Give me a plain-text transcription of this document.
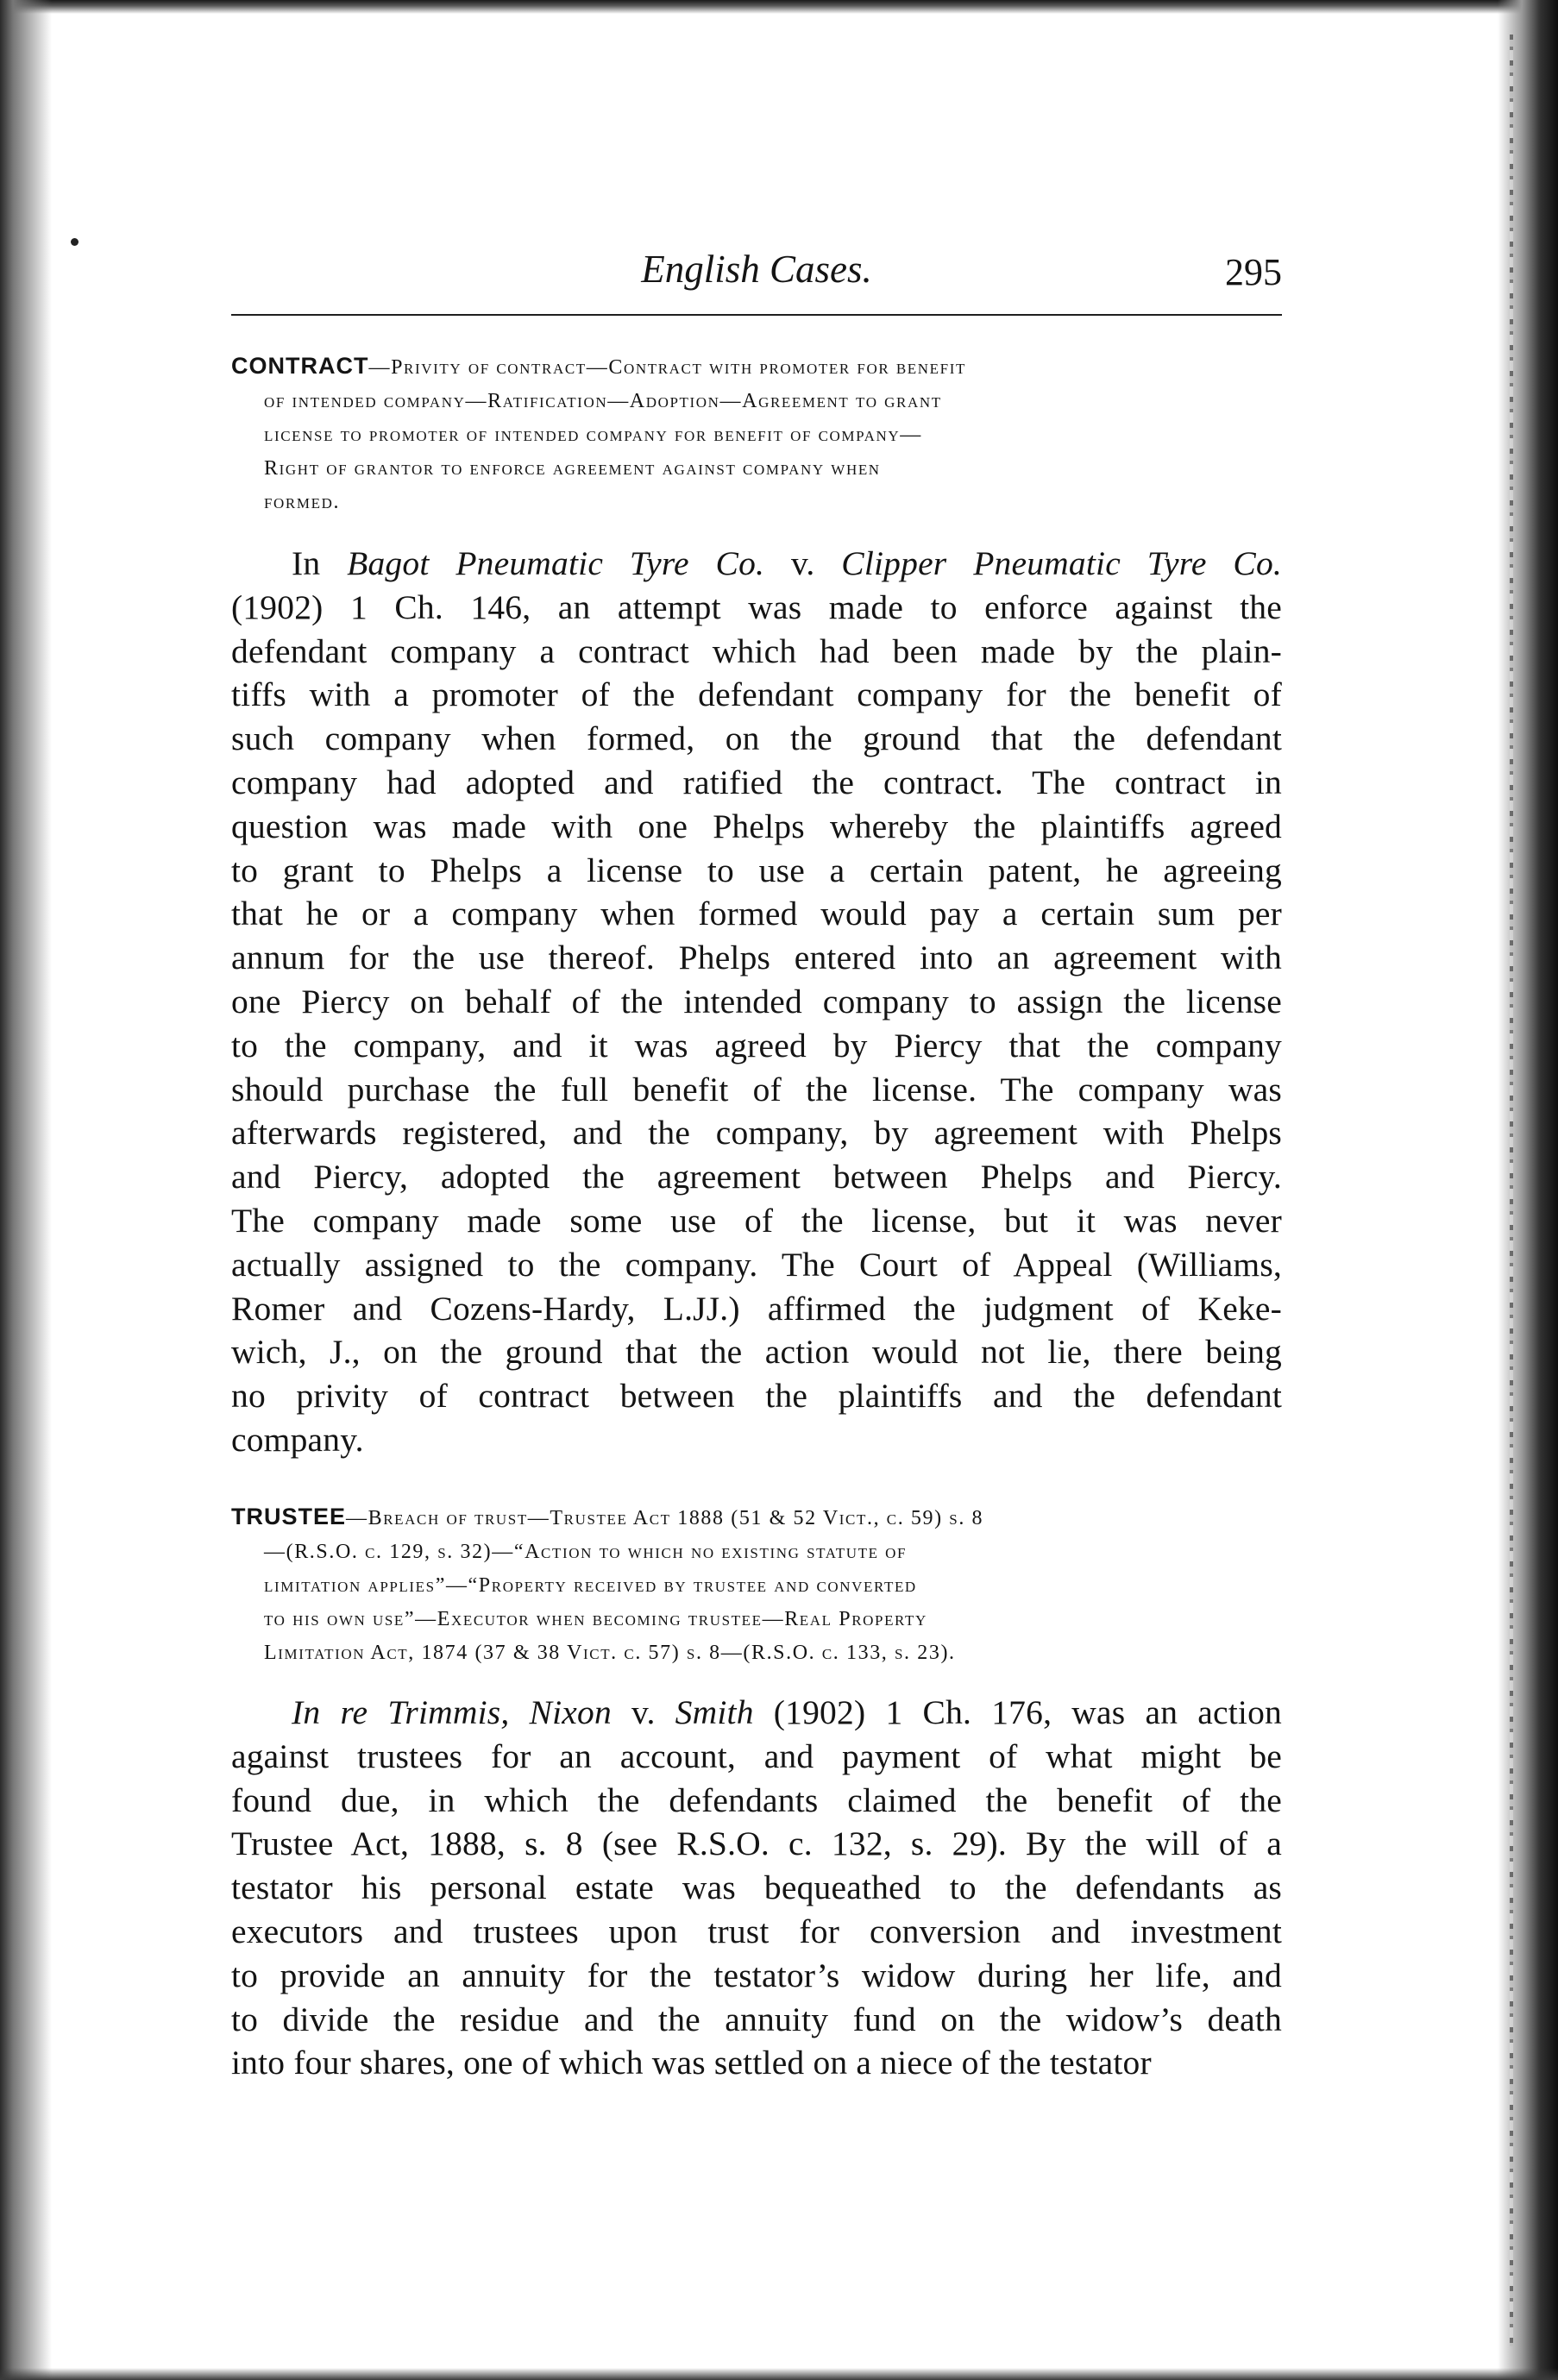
English Cases.	295
CONTRACT—Privity of contract—Contract with promoter for benefit
of intended company—Ratification—Adoption—Agreement to grant
license to promoter of intended company for benefit of company—
Right of grantor to enforce agreement against company when
formed.
In Bagot Pneumatic Tyre Co. v. Clipper Pneumatic Tyre Co.
(1902) 1 Ch. 146, an attempt was made to enforce against the
defendant company a contract which had been made by the plain-
tiffs with a promoter of the defendant company for the benefit of
such company when formed, on the ground that the defendant
company had adopted and ratified the contract. The contract in
question was made with one Phelps whereby the plaintiffs agreed
to grant to Phelps a license to use a certain patent, he agreeing
that he or a company when formed would pay a certain sum per
annum for the use thereof. Phelps entered into an agreement with
one Piercy on behalf of the intended company to assign the license
to the company, and it was agreed by Piercy that the company
should purchase the full benefit of the license. The company was
afterwards registered, and the company, by agreement with Phelps
and Piercy, adopted the agreement between Phelps and Piercy.
The company made some use of the license, but it was never
actually assigned to the company. The Court of Appeal (Williams,
Romer and Cozens-Hardy, L.JJ.) affirmed the judgment of Keke-
wich, J., on the ground that the action would not lie, there being
no privity of contract between the plaintiffs and the defendant
company.
TRUSTEE—Breach of trust—Trustee Act 1888 (51 & 52 Vict., c. 59) s. 8
—(R.S.O. c. 129, s. 32)—“Action to which no existing statute of
limitation applies”—“Property received by trustee and converted
to his own use”—Executor when becoming trustee—Real Property
Limitation Act, 1874 (37 & 38 Vict. c. 57) s. 8—(R.S.O. c. 133, s. 23).
In re Trimmis, Nixon v. Smith (1902) 1 Ch. 176, was an action
against trustees for an account, and payment of what might be
found due, in which the defendants claimed the benefit of the
Trustee Act, 1888, s. 8 (see R.S.O. c. 132, s. 29). By the will of a
testator his personal estate was bequeathed to the defendants as
executors and trustees upon trust for conversion and investment
to provide an annuity for the testator’s widow during her life, and
to divide the residue and the annuity fund on the widow’s death
into four shares, one of which was settled on a niece of the testator
